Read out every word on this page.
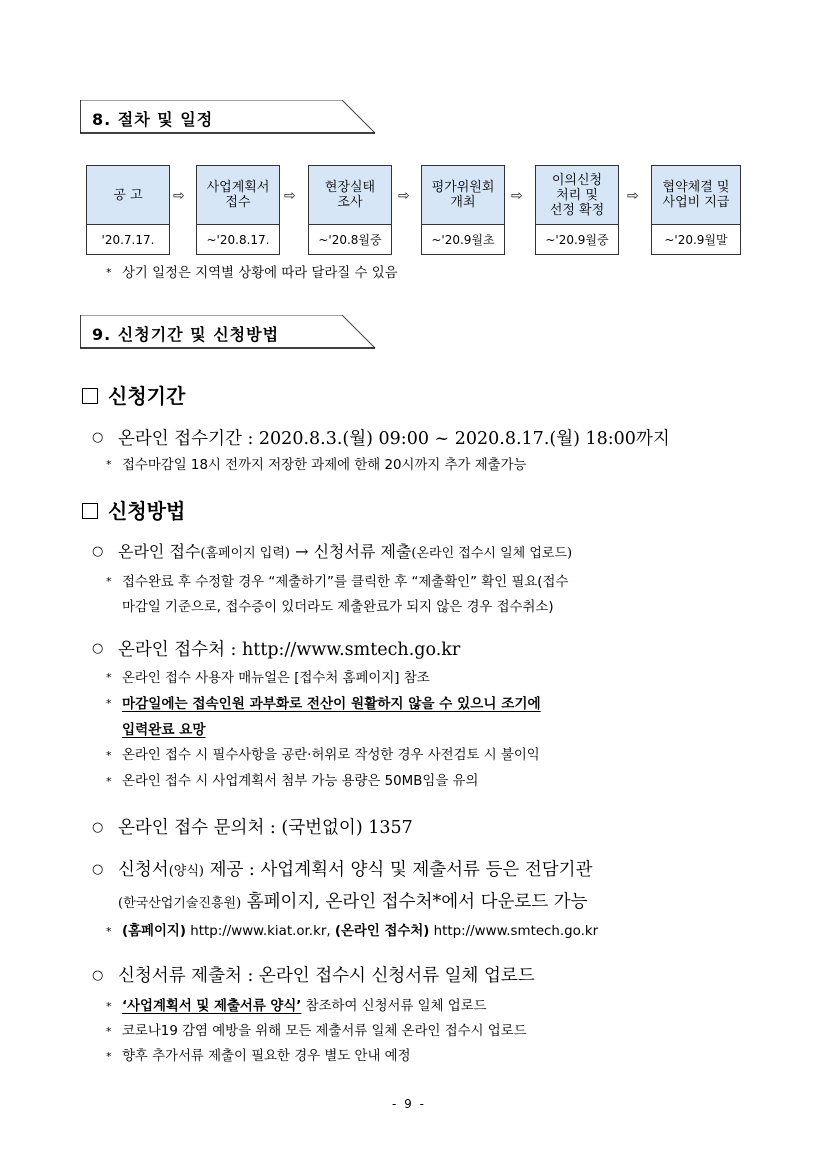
8. 절차 및 일정
공 고
'20.7.17.
⇨
사업계획서
접수
~'20.8.17.
⇨
현장실태
조사
~'20.8월중
⇨
평가위원회
개최
~'20.9월초
⇨
이의신청
처리 및
선정 확정
~'20.9월중
⇨
협약체결 및
사업비 지급
~'20.9월말
* 상기 일정은 지역별 상황에 따라 달라질 수 있음
9. 신청기간 및 신청방법
신청기간
○ 온라인 접수기간 : 2020.8.3.(월) 09:00 ~ 2020.8.17.(월) 18:00까지
* 접수마감일 18시 전까지 저장한 과제에 한해 20시까지 추가 제출가능
신청방법
○ 온라인 접수(홈페이지 입력) → 신청서류 제출(온라인 접수시 일체 업로드)
* 접수완료 후 수정할 경우 “제출하기”를 클릭한 후 “제출확인” 확인 필요(접수
마감일 기준으로, 접수증이 있더라도 제출완료가 되지 않은 경우 접수취소)
○ 온라인 접수처 : http://www.smtech.go.kr
* 온라인 접수 사용자 매뉴얼은 [접수처 홈페이지] 참조
* 마감일에는 접속인원 과부화로 전산이 원활하지 않을 수 있으니 조기에
입력완료 요망
* 온라인 접수 시 필수사항을 공란·허위로 작성한 경우 사전검토 시 불이익
* 온라인 접수 시 사업계획서 첨부 가능 용량은 50MB임을 유의
○ 온라인 접수 문의처 : (국번없이) 1357
○ 신청서(양식) 제공 : 사업계획서 양식 및 제출서류 등은 전담기관
(한국산업기술진흥원) 홈페이지, 온라인 접수처*에서 다운로드 가능
* (홈페이지) http://www.kiat.or.kr, (온라인 접수처) http://www.smtech.go.kr
○ 신청서류 제출처 : 온라인 접수시 신청서류 일체 업로드
* ‘사업계획서 및 제출서류 양식’ 참조하여 신청서류 일체 업로드
* 코로나19 감염 예방을 위해 모든 제출서류 일체 온라인 접수시 업로드
* 향후 추가서류 제출이 필요한 경우 별도 안내 예정
- 9 -
